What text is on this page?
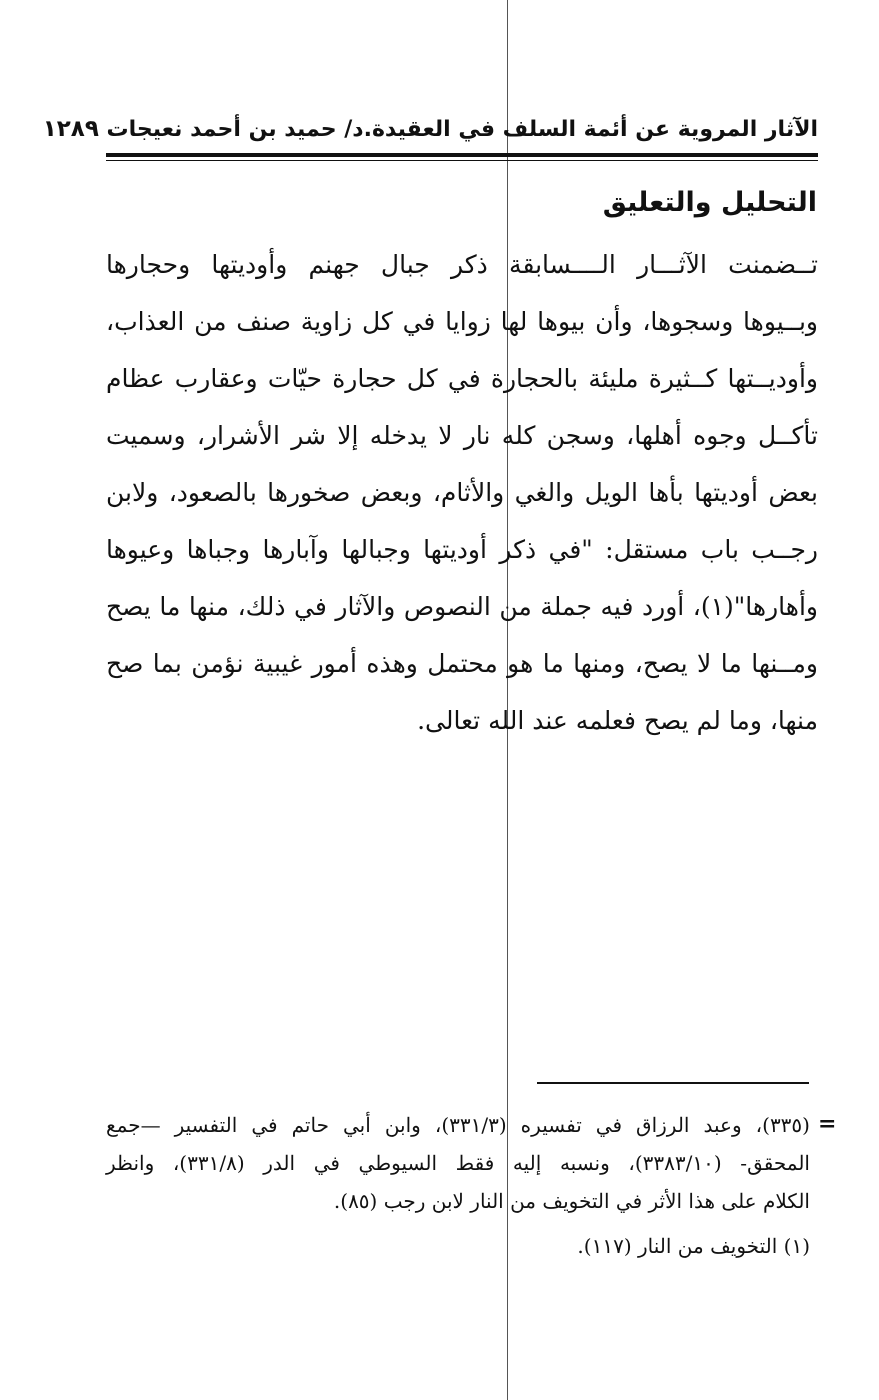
الآثار المروية عن أئمة السلف في العقيدة.د/ حميد بن أحمد نعيجات ١٢٨٩
التحليل والتعليق
تــضمنت الآثـــار الــــسابقة ذكر جبال جهنم وأوديتها وحجارها
وبــيوها وسجوها، وأن بيوها لها زوايا في كل زاوية صنف من العذاب،
وأوديــتها كــثيرة مليئة بالحجارة في كل حجارة حيّات وعقارب عظام
تأكــل وجوه أهلها، وسجن كله نار لا يدخله إلا شر الأشرار، وسميت
بعض أوديتها بأها الويل والغي والأثام، وبعض صخورها بالصعود، ولابن
رجــب باب مستقل: "في ذكر أوديتها وجبالها وآبارها وجباها وعيوها
وأهارها"(١)، أورد فيه جملة من النصوص والآثار في ذلك، منها ما يصح
ومــنها ما لا يصح، ومنها ما هو محتمل وهذه أمور غيبية نؤمن بما صح
منها، وما لم يصح فعلمه عند الله تعالى.
=
(٣٣٥)، وعبد الرزاق في تفسيره (٣٣١/٣)، وابن أبي حاتم في التفسير —جمع
المحقق- (٣٣٨٣/١٠)، ونسبه إليه فقط السيوطي في الدر (٣٣١/٨)، وانظر
الكلام على هذا الأثر في التخويف من النار لابن رجب (٨٥).
(١) التخويف من النار (١١٧).
